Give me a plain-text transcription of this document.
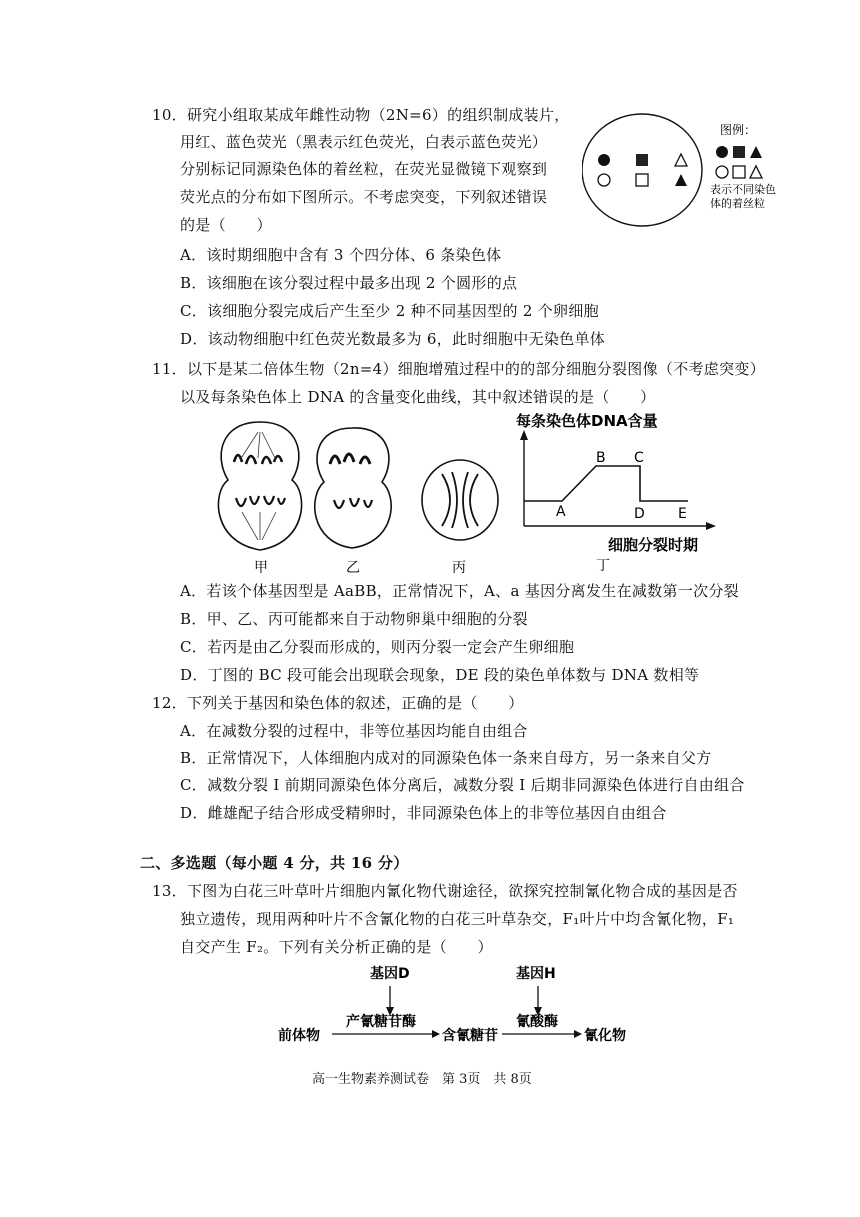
10．研究小组取某成年雌性动物（2N=6）的组织制成装片，
用红、蓝色荧光（黑表示红色荧光，白表示蓝色荧光）
分别标记同源染色体的着丝粒，在荧光显微镜下观察到
荧光点的分布如下图所示。不考虑突变，下列叙述错误
的是（　　）
图例：
表示不同染色
体的着丝粒
A．该时期细胞中含有 3 个四分体、6 条染色体
B．该细胞在该分裂过程中最多出现 2 个圆形的点
C．该细胞分裂完成后产生至少 2 种不同基因型的 2 个卵细胞
D．该动物细胞中红色荧光数最多为 6，此时细胞中无染色单体
11．以下是某二倍体生物（2n=4）细胞增殖过程中的的部分细胞分裂图像（不考虑突变）
以及每条染色体上 DNA 的含量变化曲线，其中叙述错误的是（　　）
甲	乙	丙
每条染色体DNA含量
A
B C
D E
细胞分裂时期
丁
A．若该个体基因型是 AaBB，正常情况下，A、a 基因分离发生在减数第一次分裂
B．甲、乙、丙可能都来自于动物卵巢中细胞的分裂
C．若丙是由乙分裂而形成的，则丙分裂一定会产生卵细胞
D．丁图的 BC 段可能会出现联会现象，DE 段的染色单体数与 DNA 数相等
12．下列关于基因和染色体的叙述，正确的是（　　）
A．在减数分裂的过程中，非等位基因均能自由组合
B．正常情况下，人体细胞内成对的同源染色体一条来自母方，另一条来自父方
C．减数分裂 I 前期同源染色体分离后，减数分裂 I 后期非同源染色体进行自由组合
D．雌雄配子结合形成受精卵时，非同源染色体上的非等位基因自由组合
二、多选题（每小题 4 分，共 16 分）
13．下图为白花三叶草叶片细胞内氰化物代谢途径，欲探究控制氰化物合成的基因是否
独立遗传，现用两种叶片不含氰化物的白花三叶草杂交，F₁叶片中均含氰化物，F₁
自交产生 F₂。下列有关分析正确的是（　　）
基因D	基因H
产氰糖苷酶	氰酸酶
前体物	含氰糖苷	氰化物
高一生物素养测试卷　第 3页　共 8页
